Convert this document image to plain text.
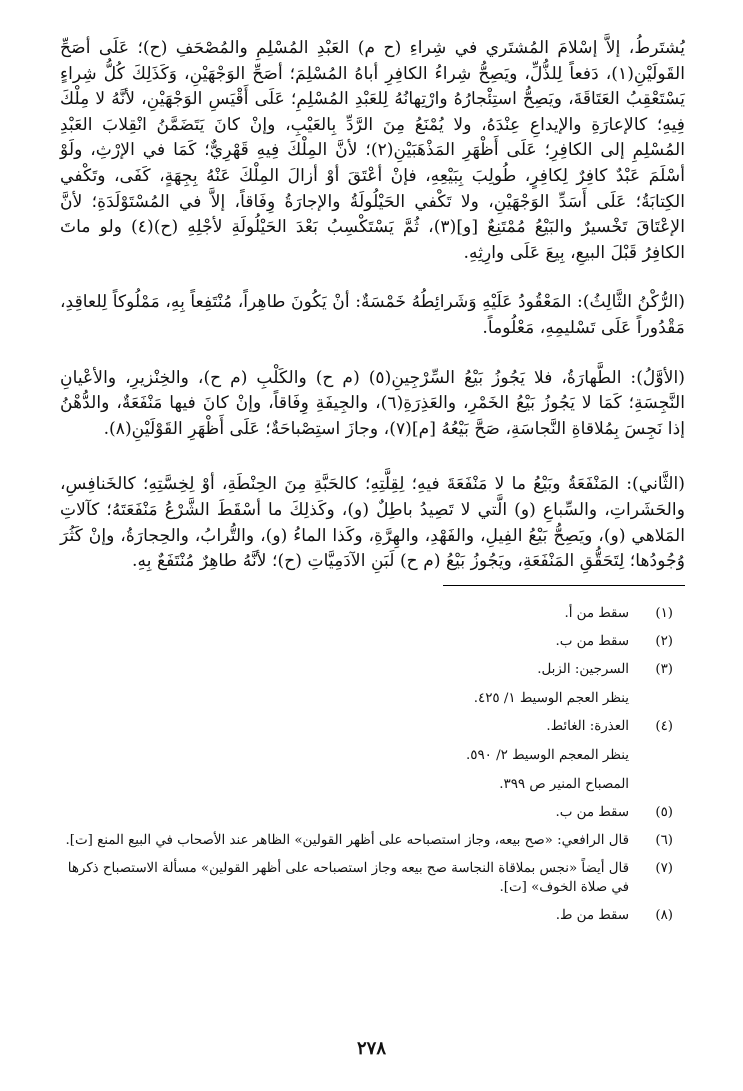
يُشتَرطُ، إلاَّ إسْلامَ المُشتَري في شِراءِ (ح م) العَبْدِ المُسْلِمِ والمُصْحَفِ (ح)؛ عَلَى أصَحِّ القَولَيْنِ(١)، دَفعاً لِلذُّلِّ، ويَصِحُّ شِراءُ الكافِرِ أباهُ المُسْلِمَ؛ أصَحِّ الوَجْهَيْنِ، وَكَذَلِكَ كُلُّ شِراءٍ يَسْتَعْقِبُ العَتَاقَةَ، ويَصِحُّ استِئْجارُهُ وارْتِهانُهُ لِلعَبْدِ المُسْلِمِ؛ عَلَى أَقْيَسِ الوَجْهَيْنِ، لأنَّهُ لا مِلْكَ فِيهِ؛ كالإعارَةِ والإيداعِ عِنْدَهُ، ولا يُمْنَعُ مِنَ الرَّدِّ بِالعَيْبِ، وإنْ كانَ يَتَضَمَّنُ انْقِلابَ العَبْدِ المُسْلِمِ إلى الكافِرِ؛ عَلَى أَظْهَرِ المَذْهَبَيْنِ(٢)؛ لأنَّ المِلْكَ فِيهِ قَهْرِيٌّ؛ كَمَا في الإرْثِ، ولَوْ أسْلَمَ عَبْدٌ كافِرٌ لِكافِرٍ، طُولِبَ بِبَيْعِهِ، فإنْ أعْتَقَ أوْ أزالَ المِلْكَ عَنْهُ بِجِهَةٍ، كَفَى، وتَكْفي الكِتابَةُ؛ عَلَى أَسَدِّ الوَجْهَيْنِ، ولا تَكْفي الحَيْلُولَةُ والإجارَةُ وِفَاقاً، إلاَّ في المُسْتَوْلَدَةِ؛ لأنَّ الإعْتَاقَ تَخْسيرٌ والبَيْعُ مُمْتَنِعٌ [و](٣)، ثُمَّ يَسْتَكْسِبُ بَعْدَ الحَيْلُولَةِ لأجْلِهِ (ح)(٤) ولو ماتَ الكافِرُ قَبْلَ البيعِ، بِيعَ عَلَى وارِثِهِ.

(الرُّكْنُ الثَّالِثُ): المَعْقُودُ عَلَيْهِ وَشَرائِطُهُ خَمْسَةٌ: أنْ يَكُونَ طاهِراً، مُنْتَفِعاً بِهِ، مَمْلُوكاً لِلعاقِدِ، مَقْدُوراً عَلَى تَسْليمِهِ، مَعْلُوماً.

(الأوَّلُ): الطَّهارَةُ، فلا يَجُوزُ بَيْعُ السِّرْجِينِ(٥) (م ح) والكَلْبِ (م ح)، والخِنْزيرِ، والأعْيانِ النَّجِسَةِ؛ كَمَا لا يَجُوزُ بَيْعُ الخَمْرِ، والعَذِرَةِ(٦)، والجِيفَةِ وِفَاقاً، وإنْ كانَ فيها مَنْفَعَةٌ، والدُّهْنُ إذا نَجِسَ بِمُلاقاةِ النَّجاسَةِ، صَحَّ بَيْعُهُ [م](٧)، وجازَ استِصْباحَةٌ؛ عَلَى أَظْهَرِ القَوْلَيْنِ(٨).

(الثَّاني): المَنْفَعَةُ وبَيْعُ ما لا مَنْفَعَةَ فيهِ؛ لِقِلَّتِهِ؛ كالحَبَّةِ مِنَ الحِنْطَةِ، أوْ لِخِسَّتِهِ؛ كالخَنافِسِ، والحَشَراتِ، والسِّباعِ (و) الَّتي لا تَصِيدُ باطِلٌ (و)، وكَذلِكَ ما أسْقَطَ الشَّرْعُ مَنْفَعَتَهُ؛ كآلاتِ المَلاهي (و)، ويَصِحُّ بَيْعُ الفِيلِ، والفَهْدِ، والهِرَّةِ، وكَذا الماءُ (و)، والتُّرابُ، والحِجارَةُ، وإنْ كَثُرَ وُجُودُها؛ لِتَحَقُّقِ المَنْفَعَةِ، ويَجُوزُ بَيْعُ (م ح) لَبَنِ الآدَمِيَّاتِ (ح)؛ لأنَّهُ طاهِرٌ مُنْتَفَعٌ بِهِ.

(١)
سقط من أ.
(٢)
سقط من ب.
(٣)
السرجين: الزبل.
ينظر العجم الوسيط ١/ ٤٢٥.
(٤)
العذرة: الغائط.
ينظر المعجم الوسيط ٢/ ٥٩٠.
المصباح المنير ص ٣٩٩.
(٥)
سقط من ب.
(٦)
قال الرافعي: «صح بيعه، وجاز استصباحه على أظهر القولين» الظاهر عند الأصحاب في البيع المنع [ت].
(٧)
قال أيضاً «نجس بملاقاة النجاسة صح بيعه وجاز استصباحه على أظهر القولين» مسألة الاستصباح ذكرها في صلاة الخوف» [ت].
(٨)
سقط من ط.
٢٧٨
